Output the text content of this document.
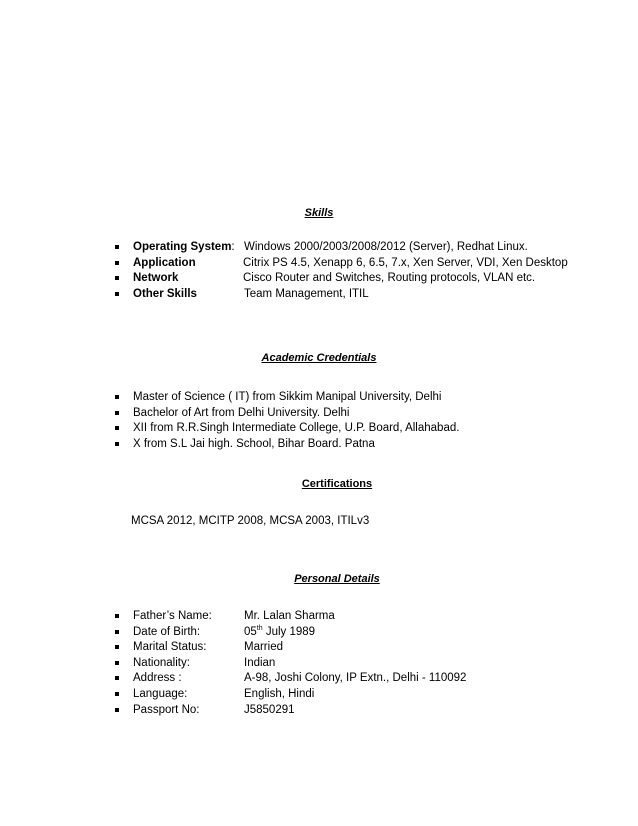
Skills
Operating System: Windows 2000/2003/2008/2012 (Server), Redhat Linux.
Application	Citrix PS 4.5, Xenapp 6, 6.5, 7.x, Xen Server, VDI, Xen Desktop
Network	Cisco Router and Switches, Routing protocols, VLAN etc.
Other Skills	Team Management, ITIL
Academic Credentials
Master of Science ( IT) from Sikkim Manipal University, Delhi
Bachelor of Art from Delhi University. Delhi
XII from R.R.Singh Intermediate College, U.P. Board, Allahabad.
X from S.L Jai high. School, Bihar Board. Patna
Certifications
MCSA 2012, MCITP 2008, MCSA 2003, ITILv3
Personal Details
Father’s Name:	Mr. Lalan Sharma
Date of Birth:	05th July 1989
Marital Status:	Married
Nationality:	Indian
Address :	A-98, Joshi Colony, IP Extn., Delhi - 110092
Language:	English, Hindi
Passport No:	J5850291
